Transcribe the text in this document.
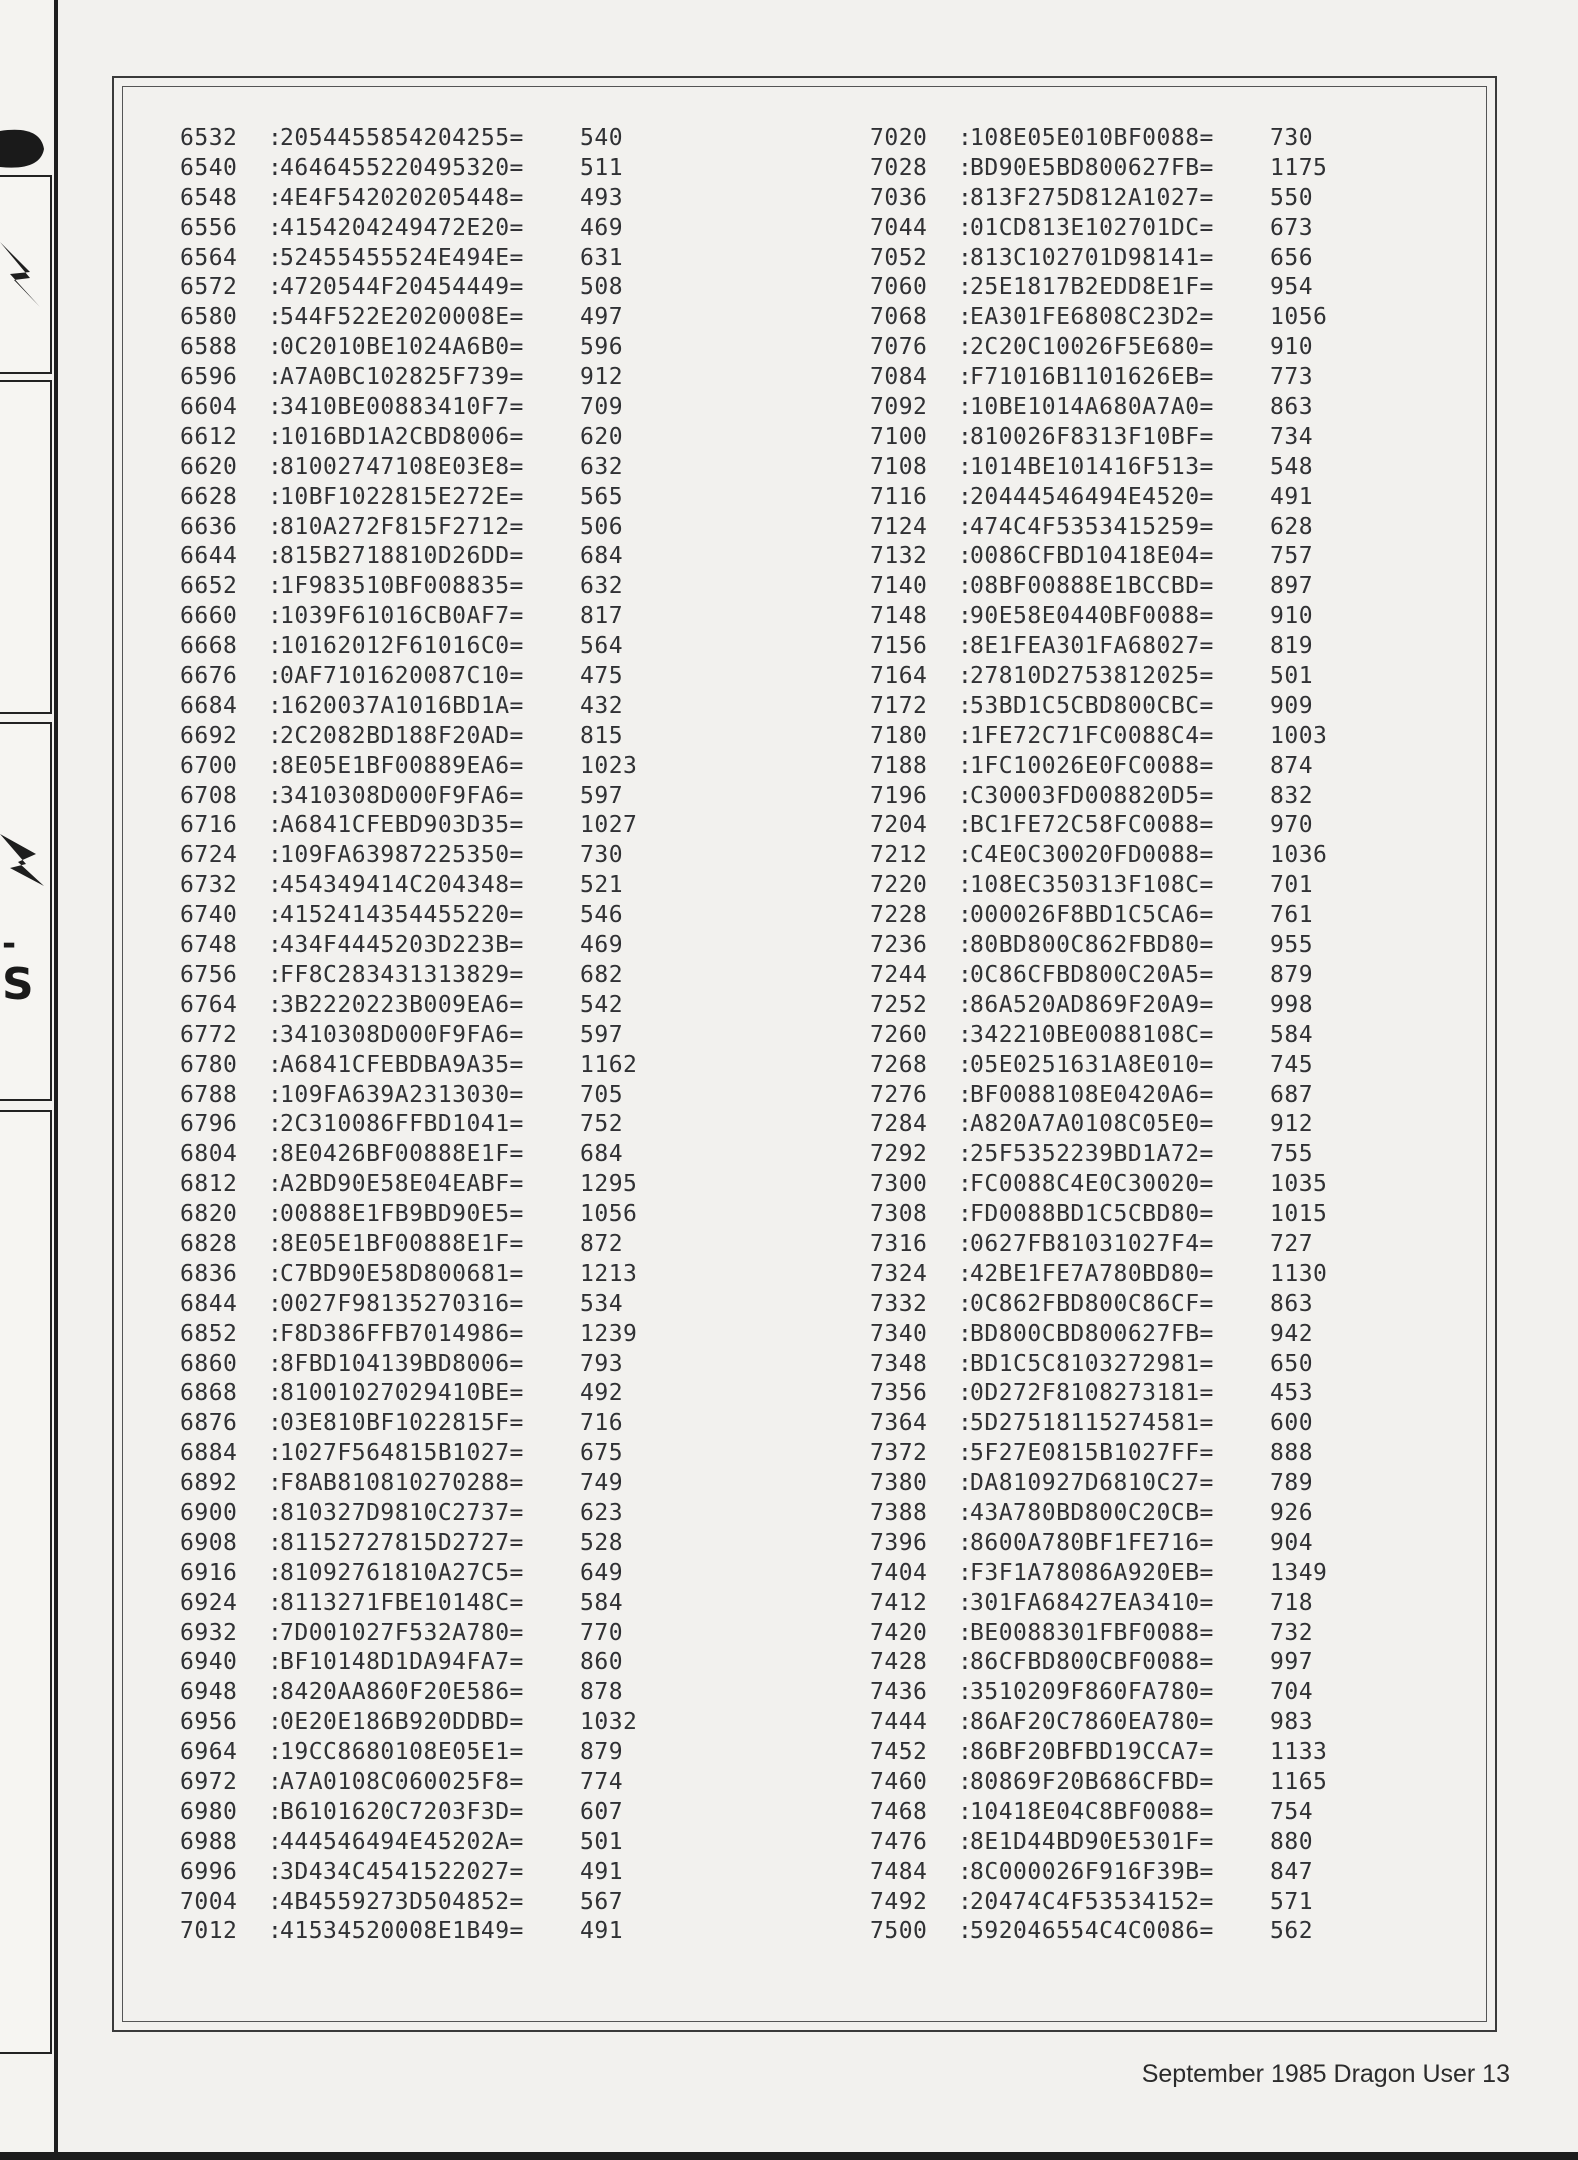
-
S
6532 :2054455854204255= 540
6540 :4646455220495320= 511
6548 :4E4F542020205448= 493
6556 :4154204249472E20= 469
6564 :52455455524E494E= 631
6572 :4720544F20454449= 508
6580 :544F522E2020008E= 497
6588 :0C2010BE1024A6B0= 596
6596 :A7A0BC102825F739= 912
6604 :3410BE00883410F7= 709
6612 :1016BD1A2CBD8006= 620
6620 :81002747108E03E8= 632
6628 :10BF1022815E272E= 565
6636 :810A272F815F2712= 506
6644 :815B2718810D26DD= 684
6652 :1F983510BF008835= 632
6660 :1039F61016CB0AF7= 817
6668 :10162012F61016C0= 564
6676 :0AF7101620087C10= 475
6684 :1620037A1016BD1A= 432
6692 :2C2082BD188F20AD= 815
6700 :8E05E1BF00889EA6= 1023
6708 :3410308D000F9FA6= 597
6716 :A6841CFEBD903D35= 1027
6724 :109FA63987225350= 730
6732 :454349414C204348= 521
6740 :4152414354455220= 546
6748 :434F4445203D223B= 469
6756 :FF8C283431313829= 682
6764 :3B2220223B009EA6= 542
6772 :3410308D000F9FA6= 597
6780 :A6841CFEBDBA9A35= 1162
6788 :109FA639A2313030= 705
6796 :2C310086FFBD1041= 752
6804 :8E0426BF00888E1F= 684
6812 :A2BD90E58E04EABF= 1295
6820 :00888E1FB9BD90E5= 1056
6828 :8E05E1BF00888E1F= 872
6836 :C7BD90E58D800681= 1213
6844 :0027F98135270316= 534
6852 :F8D386FFB7014986= 1239
6860 :8FBD104139BD8006= 793
6868 :81001027029410BE= 492
6876 :03E810BF1022815F= 716
6884 :1027F564815B1027= 675
6892 :F8AB810810270288= 749
6900 :810327D9810C2737= 623
6908 :81152727815D2727= 528
6916 :81092761810A27C5= 649
6924 :8113271FBE10148C= 584
6932 :7D001027F532A780= 770
6940 :BF10148D1DA94FA7= 860
6948 :8420AA860F20E586= 878
6956 :0E20E186B920DDBD= 1032
6964 :19CC8680108E05E1= 879
6972 :A7A0108C060025F8= 774
6980 :B6101620C7203F3D= 607
6988 :444546494E45202A= 501
6996 :3D434C4541522027= 491
7004 :4B4559273D504852= 567
7012 :41534520008E1B49= 491
7020 :108E05E010BF0088= 730
7028 :BD90E5BD800627FB= 1175
7036 :813F275D812A1027= 550
7044 :01CD813E102701DC= 673
7052 :813C102701D98141= 656
7060 :25E1817B2EDD8E1F= 954
7068 :EA301FE6808C23D2= 1056
7076 :2C20C10026F5E680= 910
7084 :F71016B1101626EB= 773
7092 :10BE1014A680A7A0= 863
7100 :810026F8313F10BF= 734
7108 :1014BE101416F513= 548
7116 :20444546494E4520= 491
7124 :474C4F5353415259= 628
7132 :0086CFBD10418E04= 757
7140 :08BF00888E1BCCBD= 897
7148 :90E58E0440BF0088= 910
7156 :8E1FEA301FA68027= 819
7164 :27810D2753812025= 501
7172 :53BD1C5CBD800CBC= 909
7180 :1FE72C71FC0088C4= 1003
7188 :1FC10026E0FC0088= 874
7196 :C30003FD008820D5= 832
7204 :BC1FE72C58FC0088= 970
7212 :C4E0C30020FD0088= 1036
7220 :108EC350313F108C= 701
7228 :000026F8BD1C5CA6= 761
7236 :80BD800C862FBD80= 955
7244 :0C86CFBD800C20A5= 879
7252 :86A520AD869F20A9= 998
7260 :342210BE0088108C= 584
7268 :05E0251631A8E010= 745
7276 :BF0088108E0420A6= 687
7284 :A820A7A0108C05E0= 912
7292 :25F5352239BD1A72= 755
7300 :FC0088C4E0C30020= 1035
7308 :FD0088BD1C5CBD80= 1015
7316 :0627FB81031027F4= 727
7324 :42BE1FE7A780BD80= 1130
7332 :0C862FBD800C86CF= 863
7340 :BD800CBD800627FB= 942
7348 :BD1C5C8103272981= 650
7356 :0D272F8108273181= 453
7364 :5D27518115274581= 600
7372 :5F27E0815B1027FF= 888
7380 :DA810927D6810C27= 789
7388 :43A780BD800C20CB= 926
7396 :8600A780BF1FE716= 904
7404 :F3F1A78086A920EB= 1349
7412 :301FA68427EA3410= 718
7420 :BE0088301FBF0088= 732
7428 :86CFBD800CBF0088= 997
7436 :3510209F860FA780= 704
7444 :86AF20C7860EA780= 983
7452 :86BF20BFBD19CCA7= 1133
7460 :80869F20B686CFBD= 1165
7468 :10418E04C8BF0088= 754
7476 :8E1D44BD90E5301F= 880
7484 :8C000026F916F39B= 847
7492 :20474C4F53534152= 571
7500 :592046554C4C0086= 562
September 1985 Dragon User 13
